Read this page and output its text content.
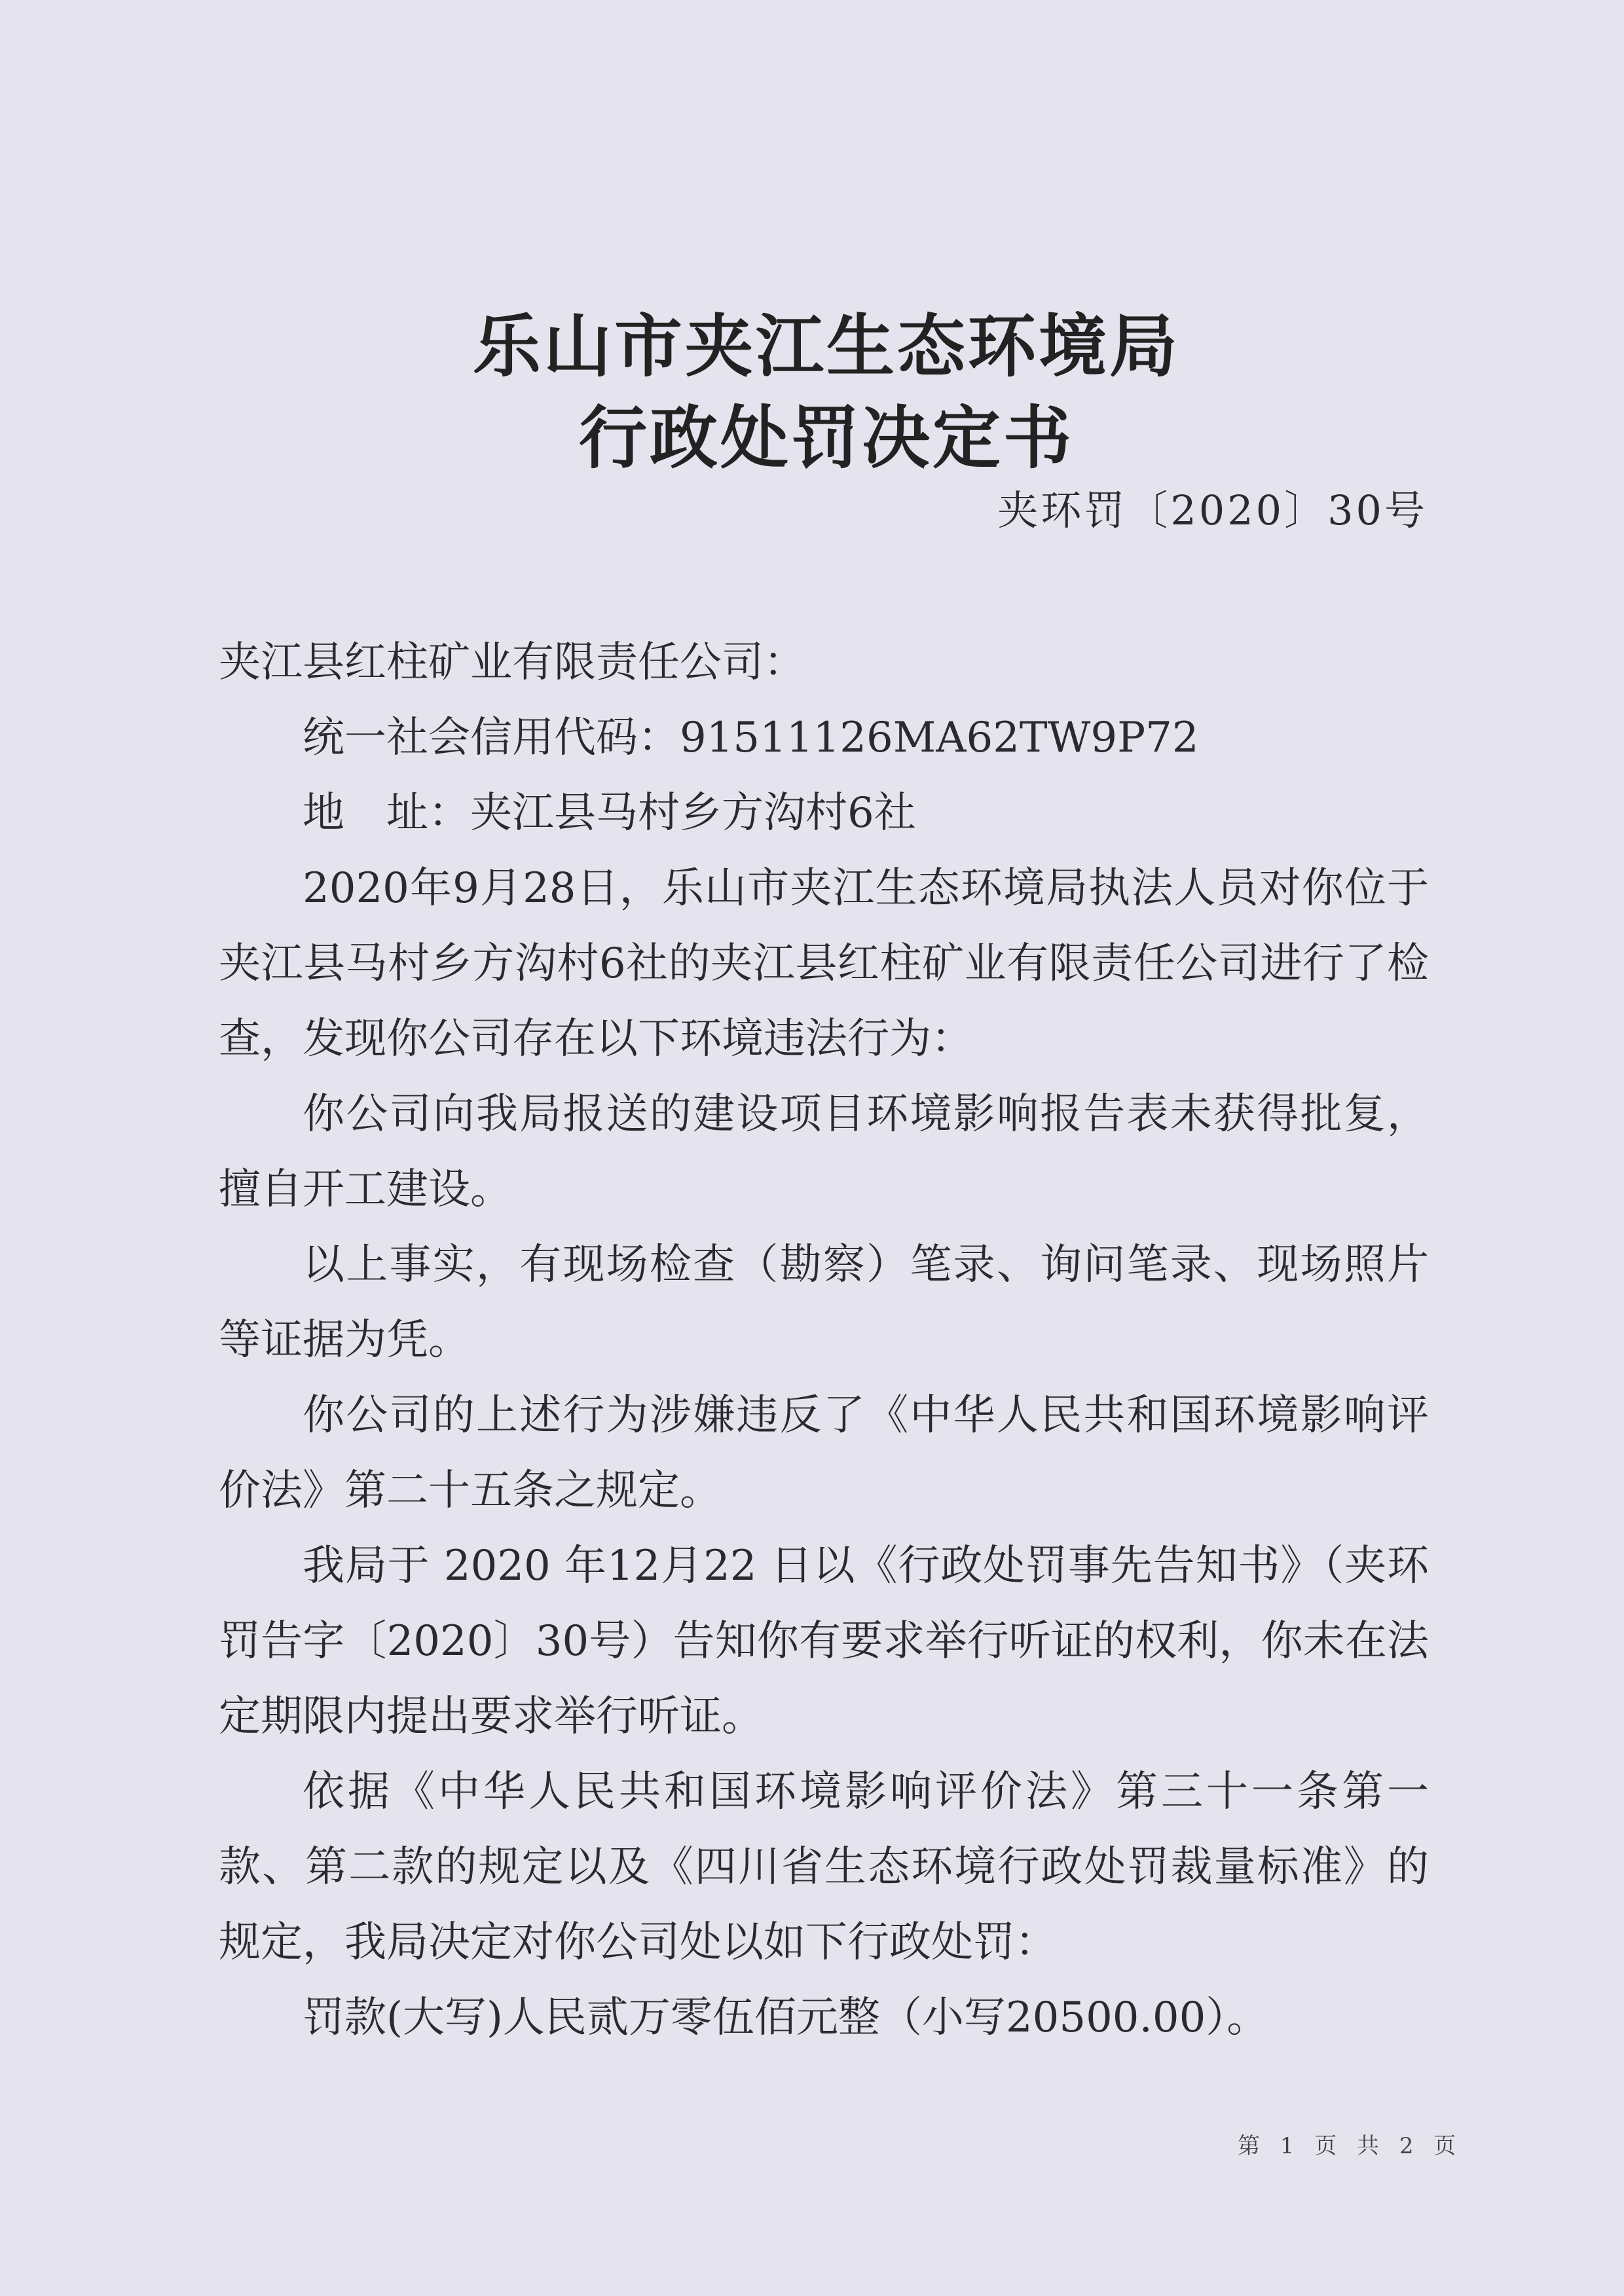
乐山市夹江生态环境局
行政处罚决定书
夹环罚〔2020〕30号

夹江县红柱矿业有限责任公司：

统一社会信用代码：91511126MA62TW9P72

地　址：夹江县马村乡方沟村6社

2020年9月28日，乐山市夹江生态环境局执法人员对你位于夹江县马村乡方沟村6社的夹江县红柱矿业有限责任公司进行了检查，发现你公司存在以下环境违法行为：

你公司向我局报送的建设项目环境影响报告表未获得批复，擅自开工建设。

以上事实，有现场检查（勘察）笔录、询问笔录、现场照片等证据为凭。

你公司的上述行为涉嫌违反了《中华人民共和国环境影响评价法》第二十五条之规定。

我局于 2020 年12月22 日以《行政处罚事先告知书》（夹环罚告字〔2020〕30号）告知你有要求举行听证的权利，你未在法定期限内提出要求举行听证。

依据《中华人民共和国环境影响评价法》第三十一条第一款、第二款的规定以及《四川省生态环境行政处罚裁量标准》的规定，我局决定对你公司处以如下行政处罚：

罚款(大写)人民贰万零伍佰元整（小写20500.00）。

第 1 页 共 2 页
